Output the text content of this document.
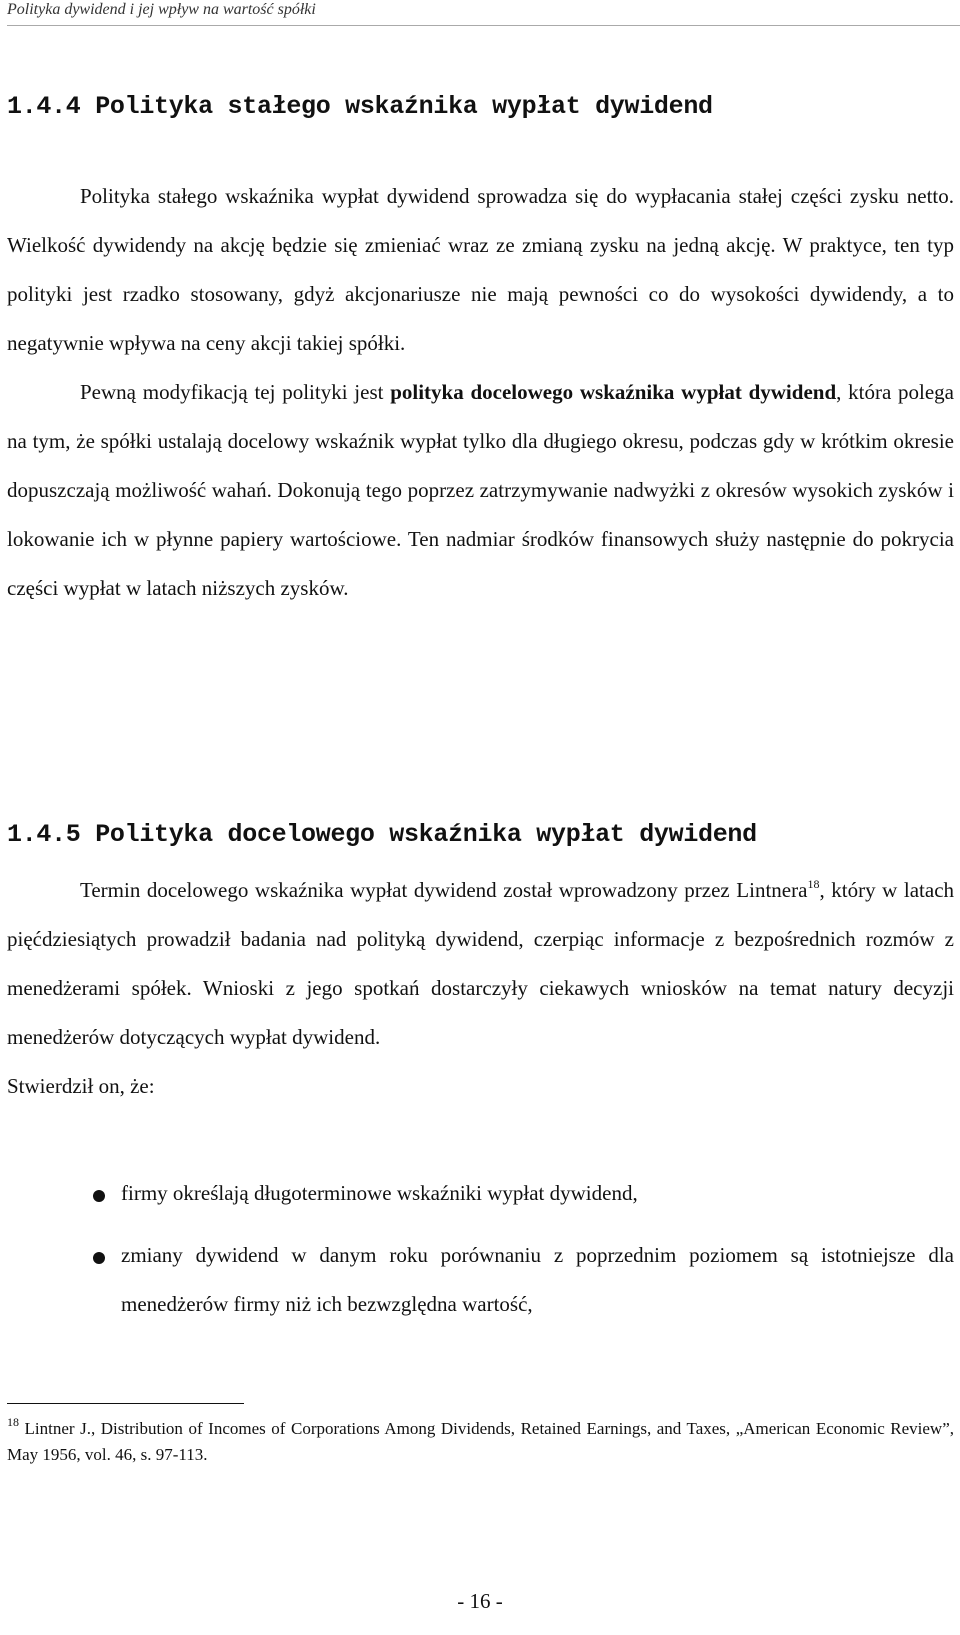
Polityka dywidend i jej wpływ na wartość spółki
1.4.4 Polityka stałego wskaźnika wypłat dywidend

Polityka stałego wskaźnika wypłat dywidend sprowadza się do wypłacania stałej części zysku netto. Wielkość dywidendy na akcję będzie się zmieniać wraz ze zmianą zysku na jedną akcję. W praktyce, ten typ polityki jest rzadko stosowany, gdyż akcjonariusze nie mają pewności co do wysokości dywidendy, a to negatywnie wpływa na ceny akcji takiej spółki.

Pewną modyfikacją tej polityki jest polityka docelowego wskaźnika wypłat dywidend, która polega na tym, że spółki ustalają docelowy wskaźnik wypłat tylko dla długiego okresu, podczas gdy w krótkim okresie dopuszczają możliwość wahań. Dokonują tego poprzez zatrzymywanie nadwyżki z okresów wysokich zysków i lokowanie ich w płynne papiery wartościowe. Ten nadmiar środków finansowych służy następnie do pokrycia części wypłat w latach niższych zysków.

1.4.5 Polityka docelowego wskaźnika wypłat dywidend

Termin docelowego wskaźnika wypłat dywidend został wprowadzony przez Lintnera$^{18}$, który w latach pięćdziesiątych prowadził badania nad polityką dywidend, czerpiąc informacje z bezpośrednich rozmów z menedżerami spółek. Wnioski z jego spotkań dostarczyły ciekawych wniosków na temat natury decyzji menedżerów dotyczących wypłat dywidend.

Stwierdził on, że:

firmy określają długoterminowe wskaźniki wypłat dywidend,
zmiany dywidend w danym roku porównaniu z poprzednim poziomem są istotniejsze dla menedżerów firmy niż ich bezwzględna wartość,

$^{18}$ Lintner J., Distribution of Incomes of Corporations Among Dividends, Retained Earnings, and Taxes, „American Economic Review”, May 1956, vol. 46, s. 97-113.

- 16 -
